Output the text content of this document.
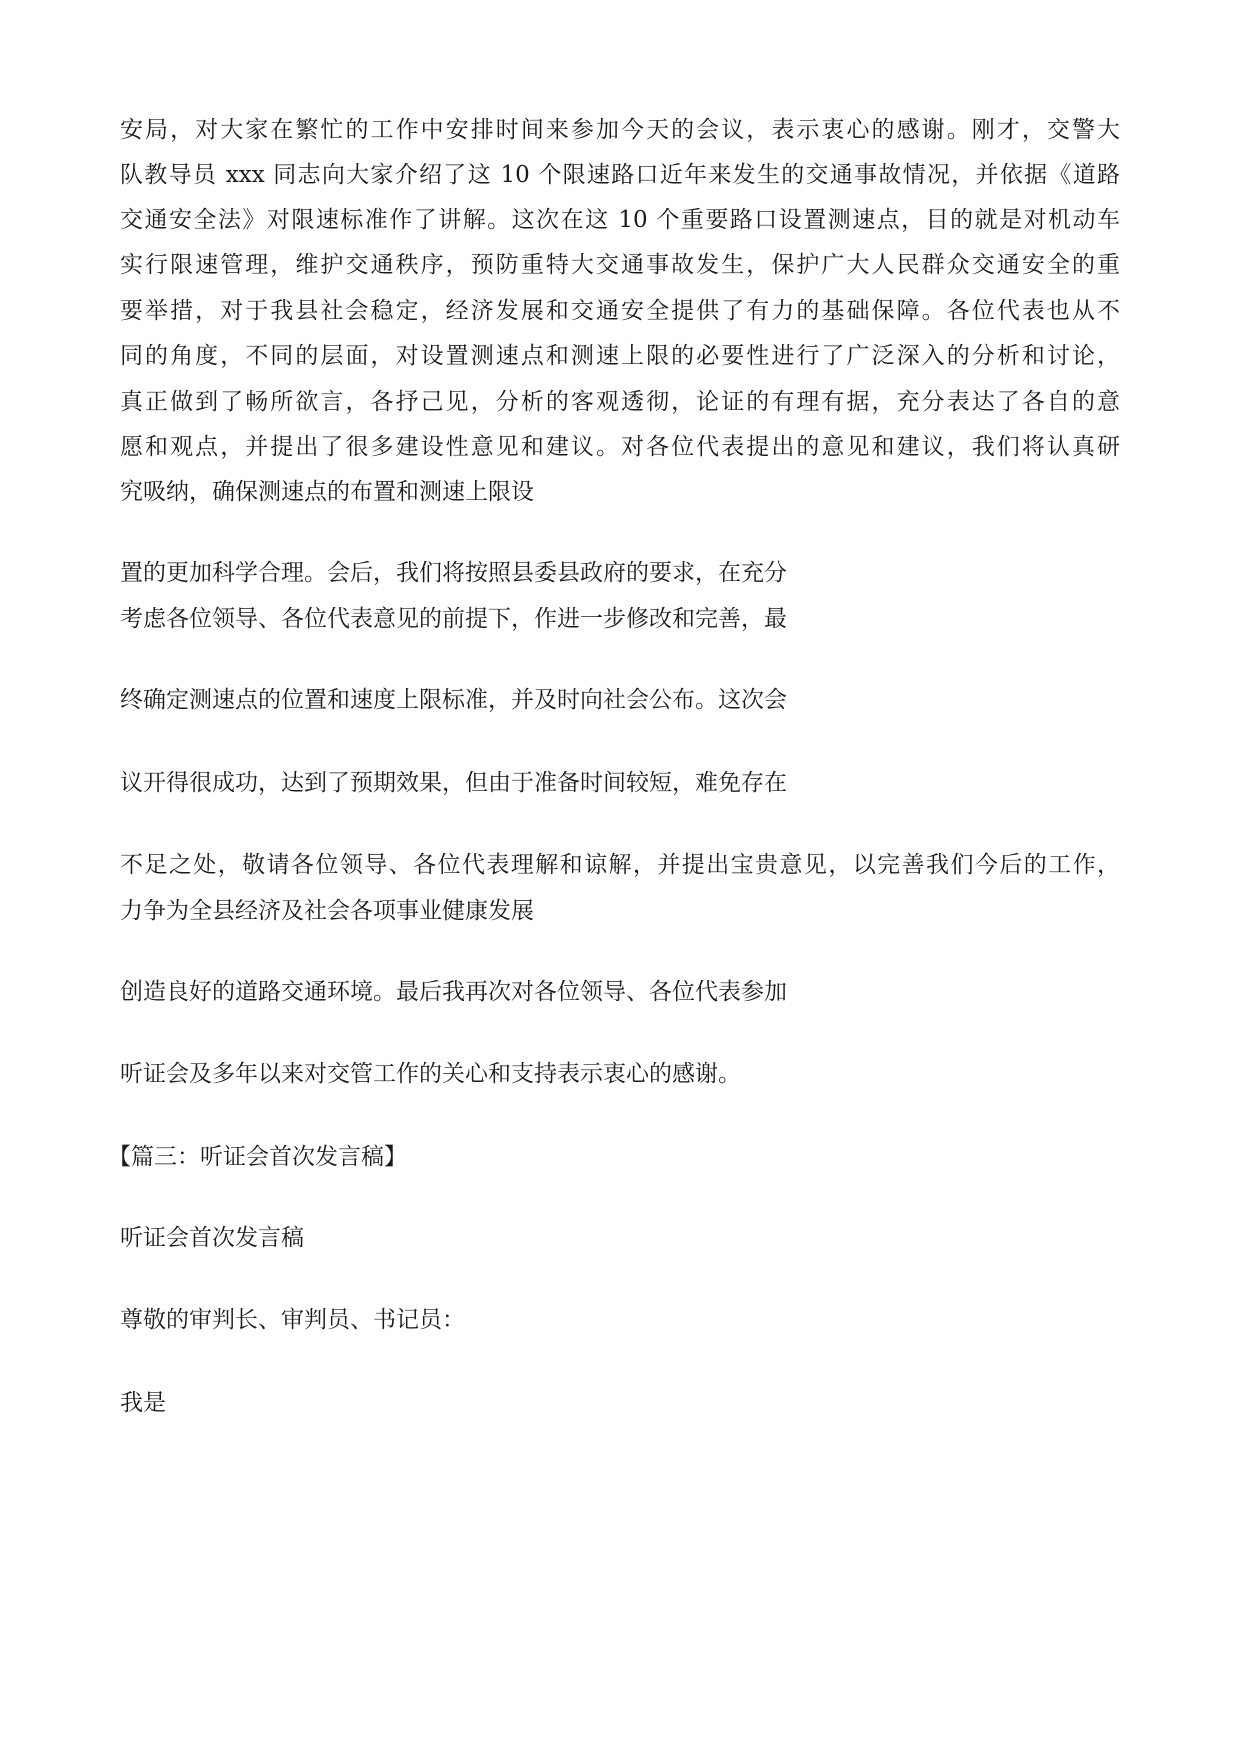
安局，对大家在繁忙的工作中安排时间来参加今天的会议，表示衷心的感谢。刚才，交警大
队教导员 xxx 同志向大家介绍了这 10 个限速路口近年来发生的交通事故情况，并依据《道路
交通安全法》对限速标准作了讲解。这次在这 10 个重要路口设置测速点，目的就是对机动车
实行限速管理，维护交通秩序，预防重特大交通事故发生，保护广大人民群众交通安全的重
要举措，对于我县社会稳定，经济发展和交通安全提供了有力的基础保障。各位代表也从不
同的角度，不同的层面，对设置测速点和测速上限的必要性进行了广泛深入的分析和讨论，
真正做到了畅所欲言，各抒己见，分析的客观透彻，论证的有理有据，充分表达了各自的意
愿和观点，并提出了很多建设性意见和建议。对各位代表提出的意见和建议，我们将认真研
究吸纳，确保测速点的布置和测速上限设
置的更加科学合理。会后，我们将按照县委县政府的要求，在充分
考虑各位领导、各位代表意见的前提下，作进一步修改和完善，最
终确定测速点的位置和速度上限标准，并及时向社会公布。这次会
议开得很成功，达到了预期效果，但由于准备时间较短，难免存在
不足之处，敬请各位领导、各位代表理解和谅解，并提出宝贵意见，以完善我们今后的工作，
力争为全县经济及社会各项事业健康发展
创造良好的道路交通环境。最后我再次对各位领导、各位代表参加
听证会及多年以来对交管工作的关心和支持表示衷心的感谢。
【篇三：听证会首次发言稿】
听证会首次发言稿
尊敬的审判长、审判员、书记员：
我是
